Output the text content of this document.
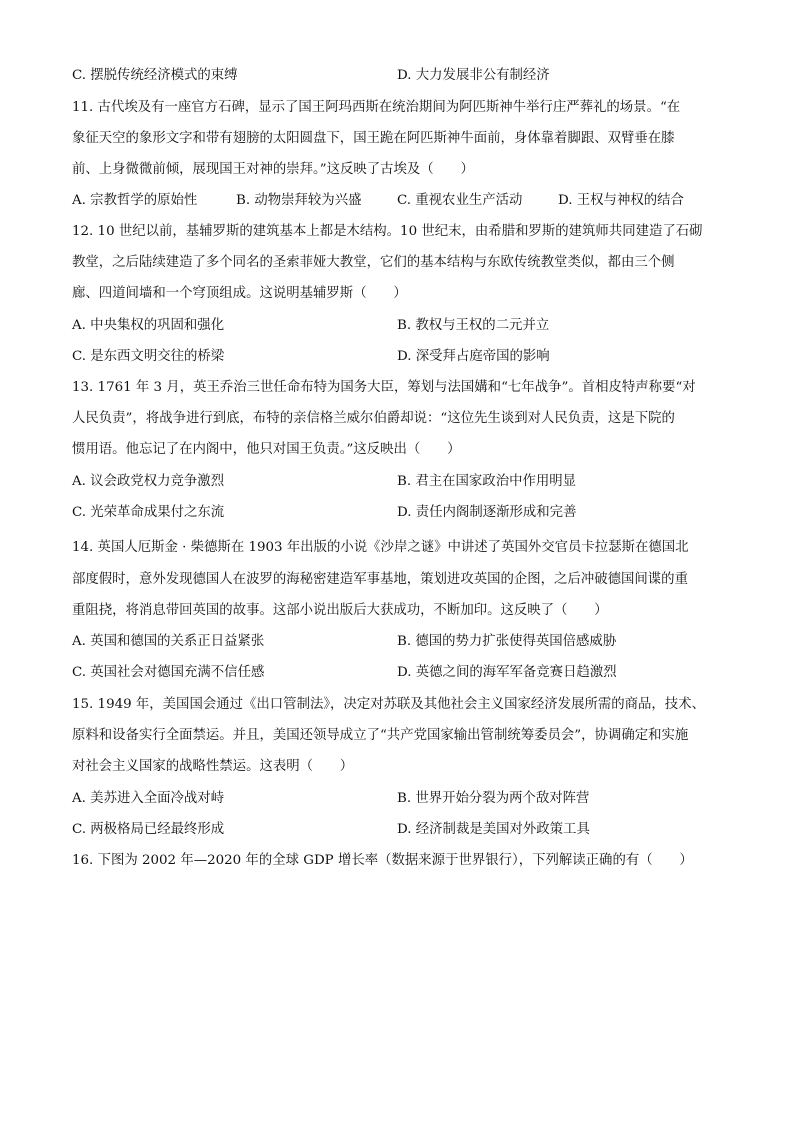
C. 摆脱传统经济模式的束缚	D. 大力发展非公有制经济
11. 古代埃及有一座官方石碑，显示了国王阿玛西斯在统治期间为阿匹斯神牛举行庄严葬礼的场景。“在
象征天空的象形文字和带有翅膀的太阳圆盘下，国王跪在阿匹斯神牛面前，身体靠着脚跟、双臂垂在膝
前、上身微微前倾，展现国王对神的崇拜。”这反映了古埃及（　　）
A. 宗教哲学的原始性	B. 动物崇拜较为兴盛	C. 重视农业生产活动	D. 王权与神权的结合
12. 10 世纪以前，基辅罗斯的建筑基本上都是木结构。10 世纪末，由希腊和罗斯的建筑师共同建造了石砌
教堂，之后陆续建造了多个同名的圣索菲娅大教堂，它们的基本结构与东欧传统教堂类似，都由三个侧
廊、四道间墙和一个穹顶组成。这说明基辅罗斯（　　）
A. 中央集权的巩固和强化	B. 教权与王权的二元并立
C. 是东西文明交往的桥梁	D. 深受拜占庭帝国的影响
13. 1761 年 3 月，英王乔治三世任命布特为国务大臣，筹划与法国媾和“七年战争”。首相皮特声称要“对
人民负责”，将战争进行到底，布特的亲信格兰威尔伯爵却说：“这位先生谈到对人民负责，这是下院的
惯用语。他忘记了在内阁中，他只对国王负责。”这反映出（　　）
A. 议会政党权力竞争激烈	B. 君主在国家政治中作用明显
C. 光荣革命成果付之东流	D. 责任内阁制逐渐形成和完善
14. 英国人厄斯金 · 柴德斯在 1903 年出版的小说《沙岸之谜》中讲述了英国外交官员卡拉瑟斯在德国北
部度假时，意外发现德国人在波罗的海秘密建造军事基地，策划进攻英国的企图，之后冲破德国间谍的重
重阻挠，将消息带回英国的故事。这部小说出版后大获成功，不断加印。这反映了（　　）
A. 英国和德国的关系正日益紧张	B. 德国的势力扩张使得英国倍感威胁
C. 英国社会对德国充满不信任感	D. 英德之间的海军军备竞赛日趋激烈
15. 1949 年，美国国会通过《出口管制法》，决定对苏联及其他社会主义国家经济发展所需的商品，技术、
原料和设备实行全面禁运。并且，美国还领导成立了“共产党国家输出管制统筹委员会”，协调确定和实施
对社会主义国家的战略性禁运。这表明（　　）
A. 美苏进入全面冷战对峙	B. 世界开始分裂为两个敌对阵营
C. 两极格局已经最终形成	D. 经济制裁是美国对外政策工具
16. 下图为 2002 年—2020 年的全球 GDP 增长率（数据来源于世界银行），下列解读正确的有（　　）
